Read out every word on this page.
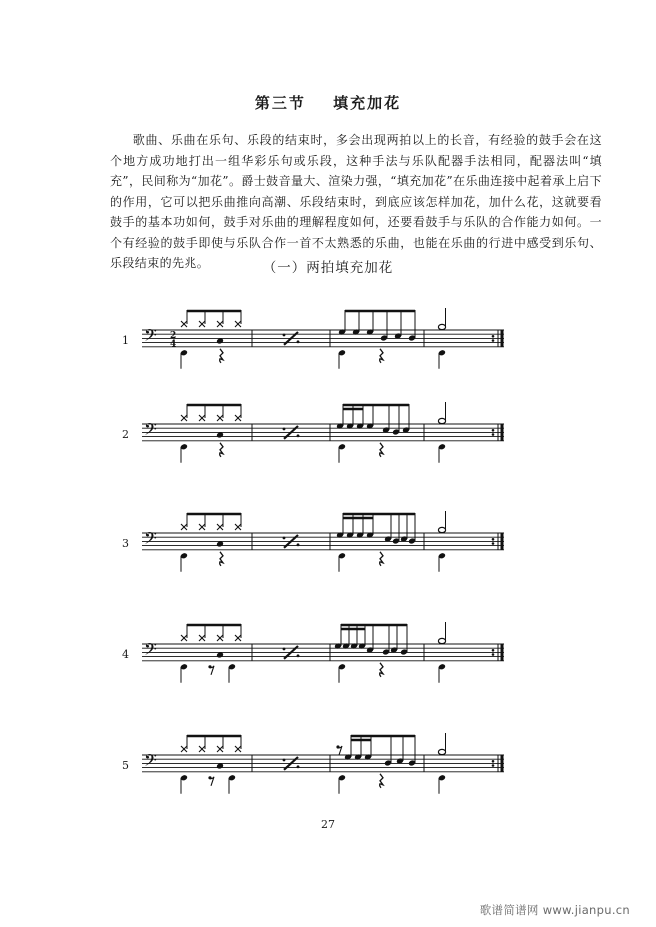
第三节 填充加花

歌曲、乐曲在乐句、乐段的结束时，多会出现两拍以上的长音，有经验的鼓手会在这个地方成功地打出一组华彩乐句或乐段，这种手法与乐队配器手法相同，配器法叫“填充”，民间称为“加花”。爵士鼓音量大、渲染力强，“填充加花”在乐曲连接中起着承上启下的作用，它可以把乐曲推向高潮、乐段结束时，到底应该怎样加花，加什么花，这就要看鼓手的基本功如何，鼓手对乐曲的理解程度如何，还要看鼓手与乐队的合作能力如何。一个有经验的鼓手即使与乐队合作一首不太熟悉的乐曲，也能在乐曲的行进中感受到乐句、乐段结束的先兆。	（一）两拍填充加花
1 𝄢 2
4
2 𝄢
3 𝄢
4 𝄢
5 𝄢
27
歌谱简谱网 www.jianpu.cn
